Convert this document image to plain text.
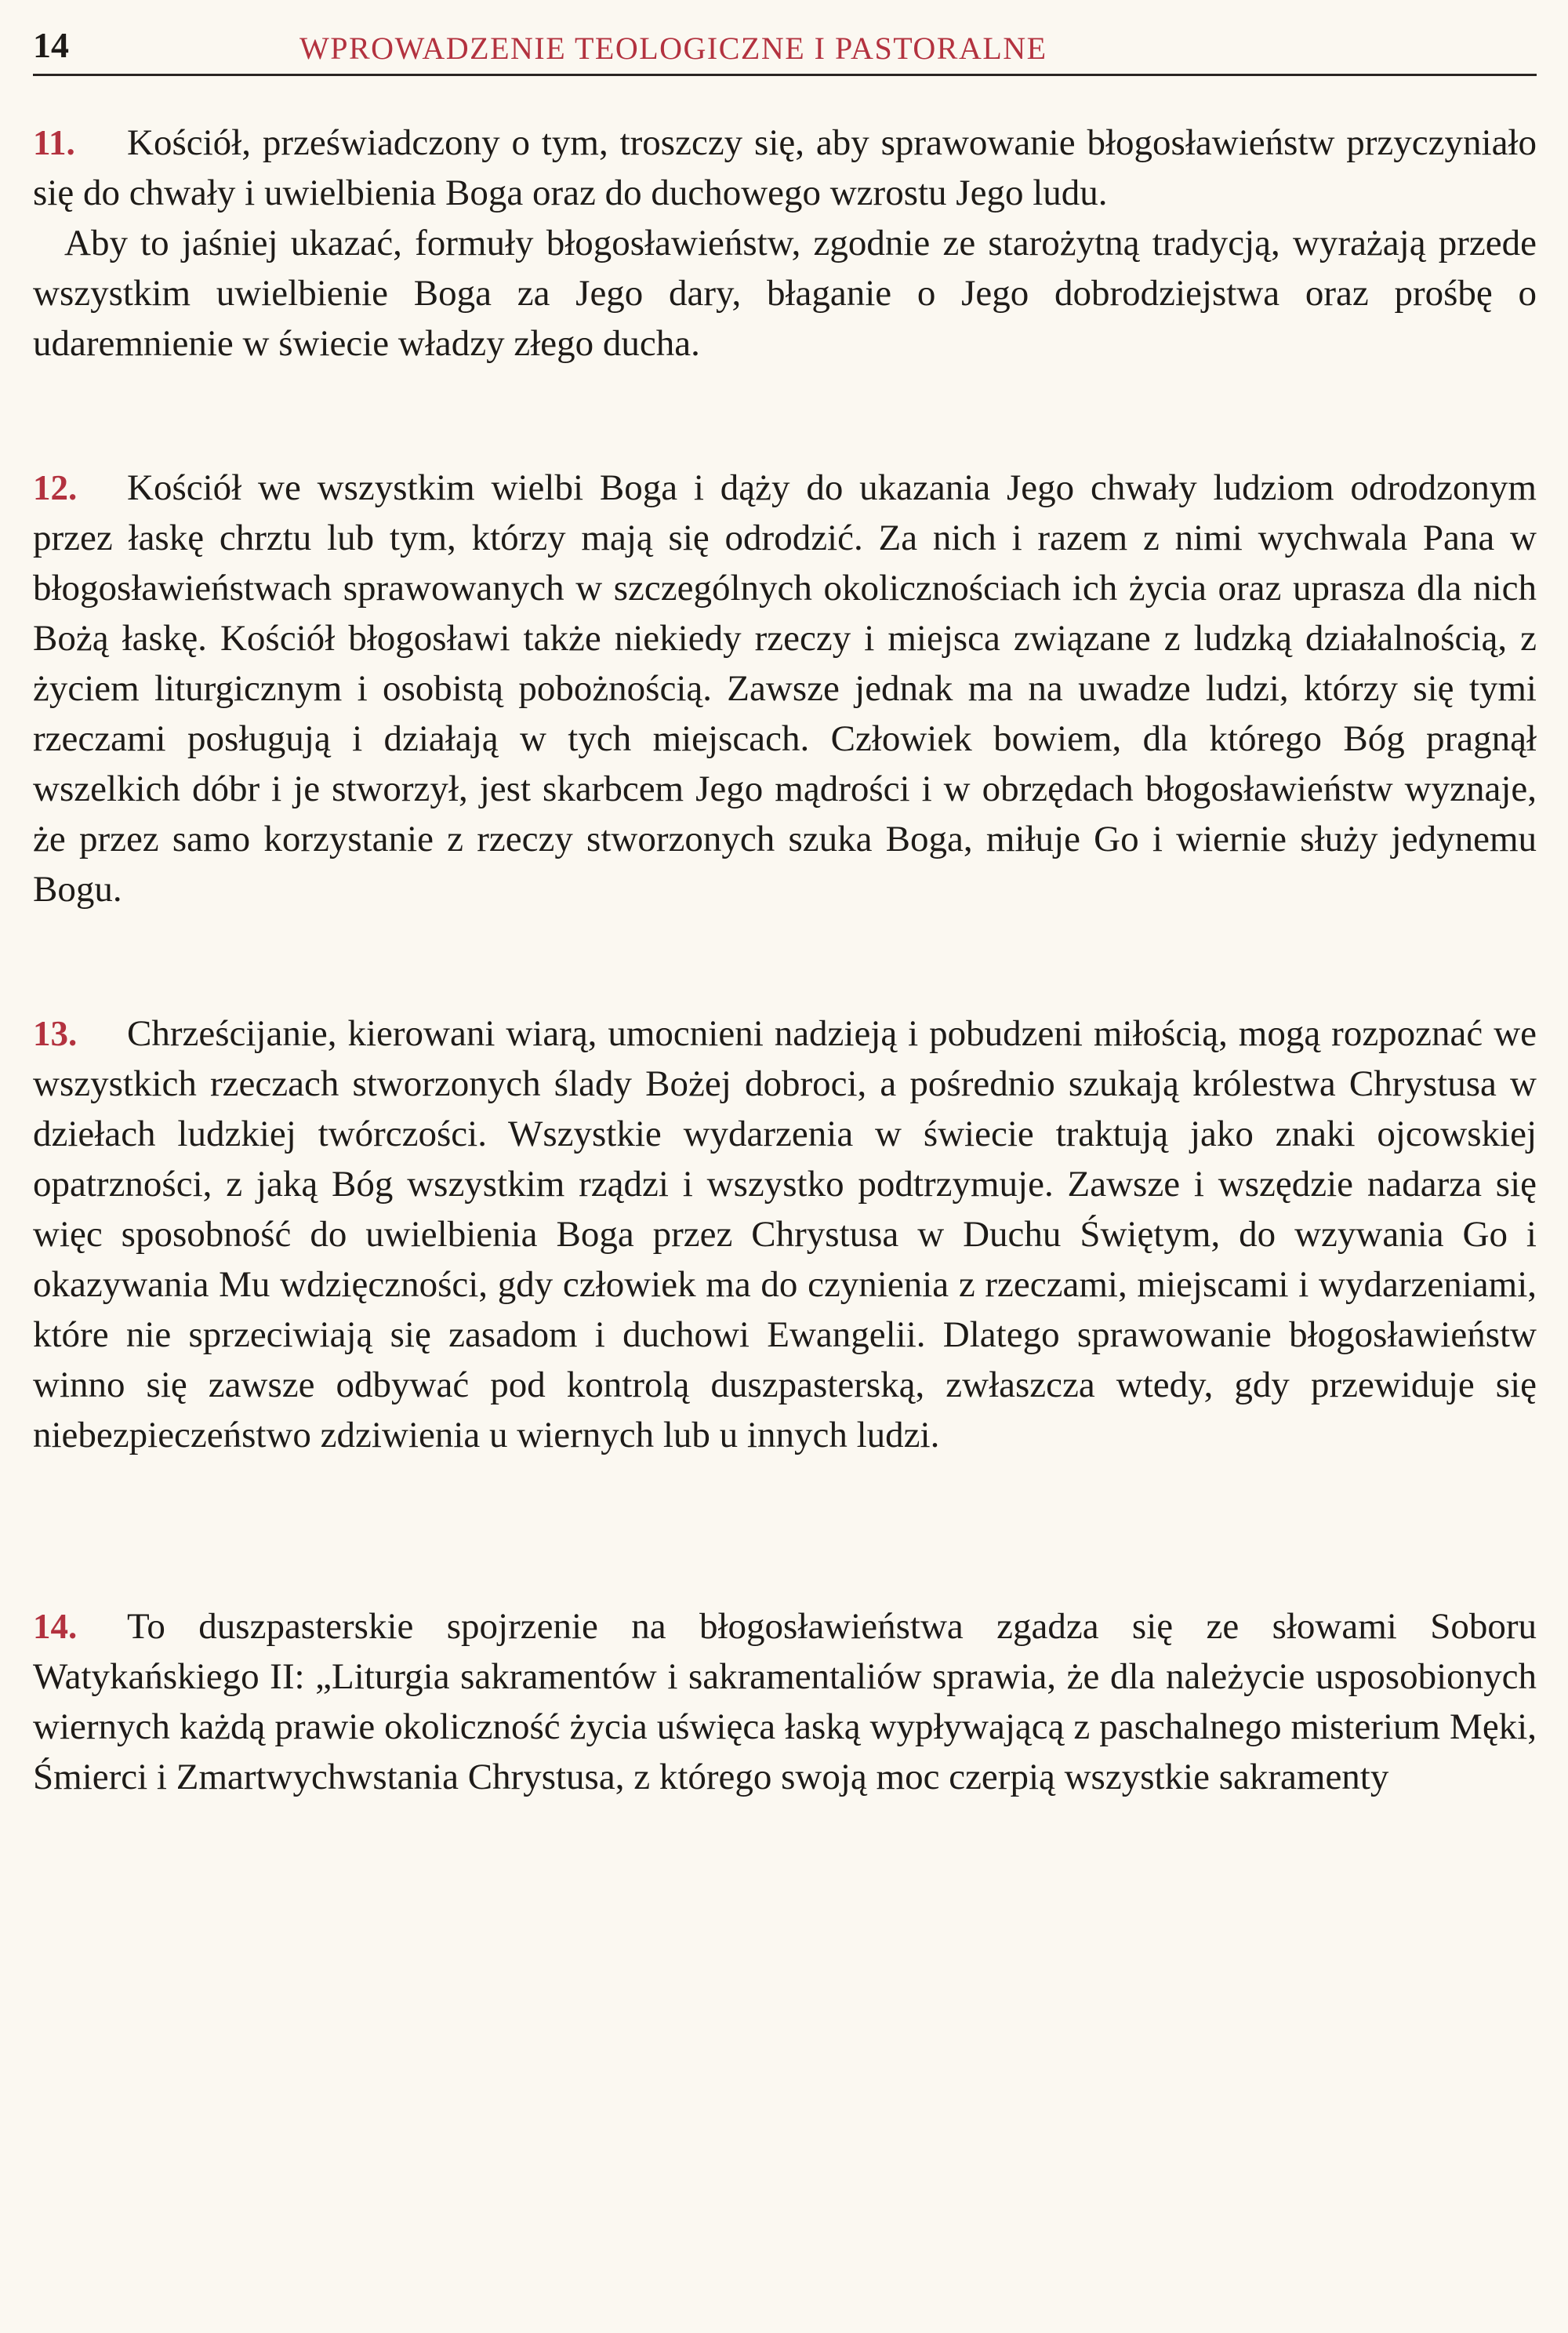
14	WPROWADZENIE TEOLOGICZNE I PASTORALNE

11. Kościół, przeświadczony o tym, troszczy się, aby sprawowanie błogosławieństw przyczyniało się do chwały i uwielbienia Boga oraz do duchowego wzrostu Jego ludu.

Aby to jaśniej ukazać, formuły błogosławieństw, zgodnie ze starożytną tradycją, wyrażają przede wszystkim uwielbienie Boga za Jego dary, błaganie o Jego dobrodziejstwa oraz prośbę o udaremnienie w świecie władzy złego ducha.

12. Kościół we wszystkim wielbi Boga i dąży do ukazania Jego chwały ludziom odrodzonym przez łaskę chrztu lub tym, którzy mają się odrodzić. Za nich i razem z nimi wychwala Pana w błogosławieństwach sprawowanych w szczególnych okolicznościach ich życia oraz uprasza dla nich Bożą łaskę. Kościół błogosławi także niekiedy rzeczy i miejsca związane z ludzką działalnością, z życiem liturgicznym i osobistą pobożnością. Zawsze jednak ma na uwadze ludzi, którzy się tymi rzeczami posługują i działają w tych miejscach. Człowiek bowiem, dla którego Bóg pragnął wszelkich dóbr i je stworzył, jest skarbcem Jego mądrości i w obrzędach błogosławieństw wyznaje, że przez samo korzystanie z rzeczy stworzonych szuka Boga, miłuje Go i wiernie służy jedynemu Bogu.

13. Chrześcijanie, kierowani wiarą, umocnieni nadzieją i pobudzeni miłością, mogą rozpoznać we wszystkich rzeczach stworzonych ślady Bożej dobroci, a pośrednio szukają królestwa Chrystusa w dziełach ludzkiej twórczości. Wszystkie wydarzenia w świecie traktują jako znaki ojcowskiej opatrzności, z jaką Bóg wszystkim rządzi i wszystko podtrzymuje. Zawsze i wszędzie nadarza się więc sposobność do uwielbienia Boga przez Chrystusa w Duchu Świętym, do wzywania Go i okazywania Mu wdzięczności, gdy człowiek ma do czynienia z rzeczami, miejscami i wydarzeniami, które nie sprzeciwiają się zasadom i duchowi Ewangelii. Dlatego sprawowanie błogosławieństw winno się zawsze odbywać pod kontrolą duszpasterską, zwłaszcza wtedy, gdy przewiduje się niebezpieczeństwo zdziwienia u wiernych lub u innych ludzi.

14. To duszpasterskie spojrzenie na błogosławieństwa zgadza się ze słowami Soboru Watykańskiego II: „Liturgia sakramentów i sakramentaliów sprawia, że dla należycie usposobionych wiernych każdą prawie okoliczność życia uświęca łaską wypływającą z paschalnego misterium Męki, Śmierci i Zmartwychwstania Chrystusa, z którego swoją moc czerpią wszystkie sakramenty
